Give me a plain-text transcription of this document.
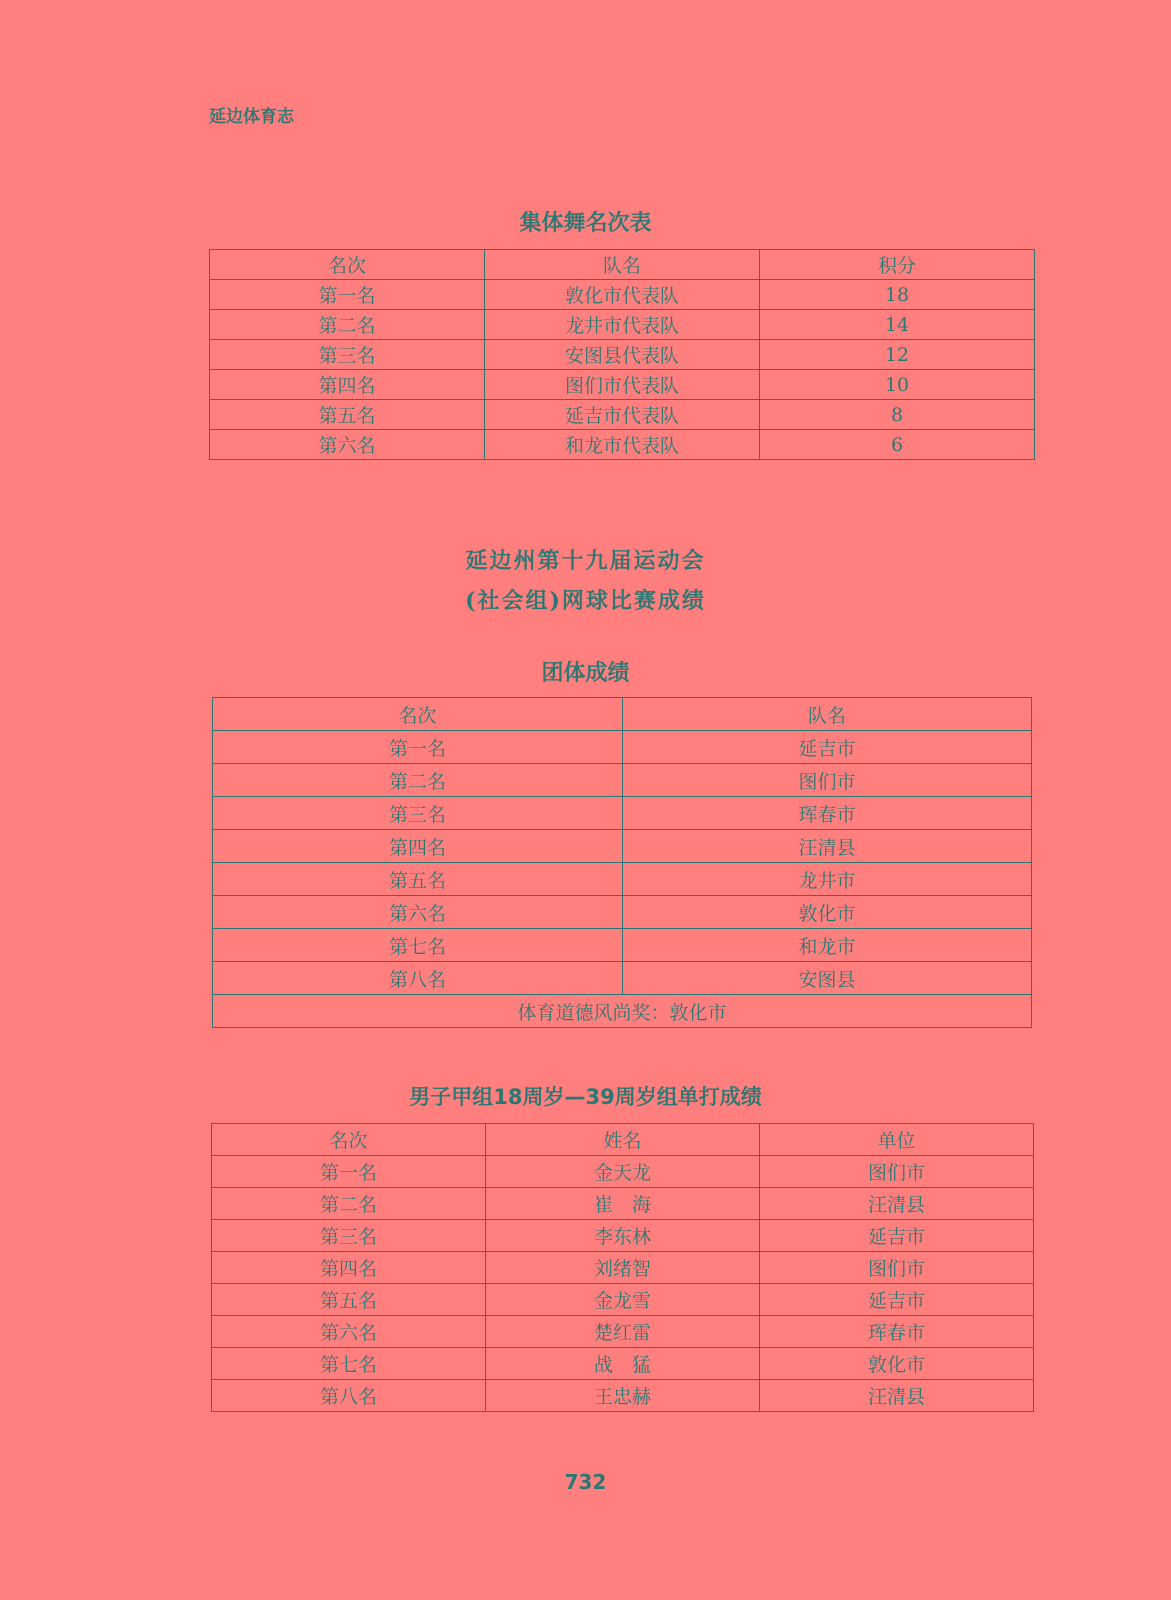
延边体育志
集体舞名次表
名次	队名	积分
第一名	敦化市代表队	18
第二名	龙井市代表队	14
第三名	安图县代表队	12
第四名	图们市代表队	10
第五名	延吉市代表队	8
第六名	和龙市代表队	6
延边州第十九届运动会
(社会组)网球比赛成绩
团体成绩
名次	队名
第一名	延吉市
第二名	图们市
第三名	珲春市
第四名	汪清县
第五名	龙井市
第六名	敦化市
第七名	和龙市
第八名	安图县
体育道德风尚奖：敦化市	
男子甲组18周岁—39周岁组单打成绩
名次	姓名	单位
第一名	金天龙	图们市
第二名	崔　海	汪清县
第三名	李东林	延吉市
第四名	刘绪智	图们市
第五名	金龙雪	延吉市
第六名	楚红雷	珲春市
第七名	战　猛	敦化市
第八名	王忠赫	汪清县
732
